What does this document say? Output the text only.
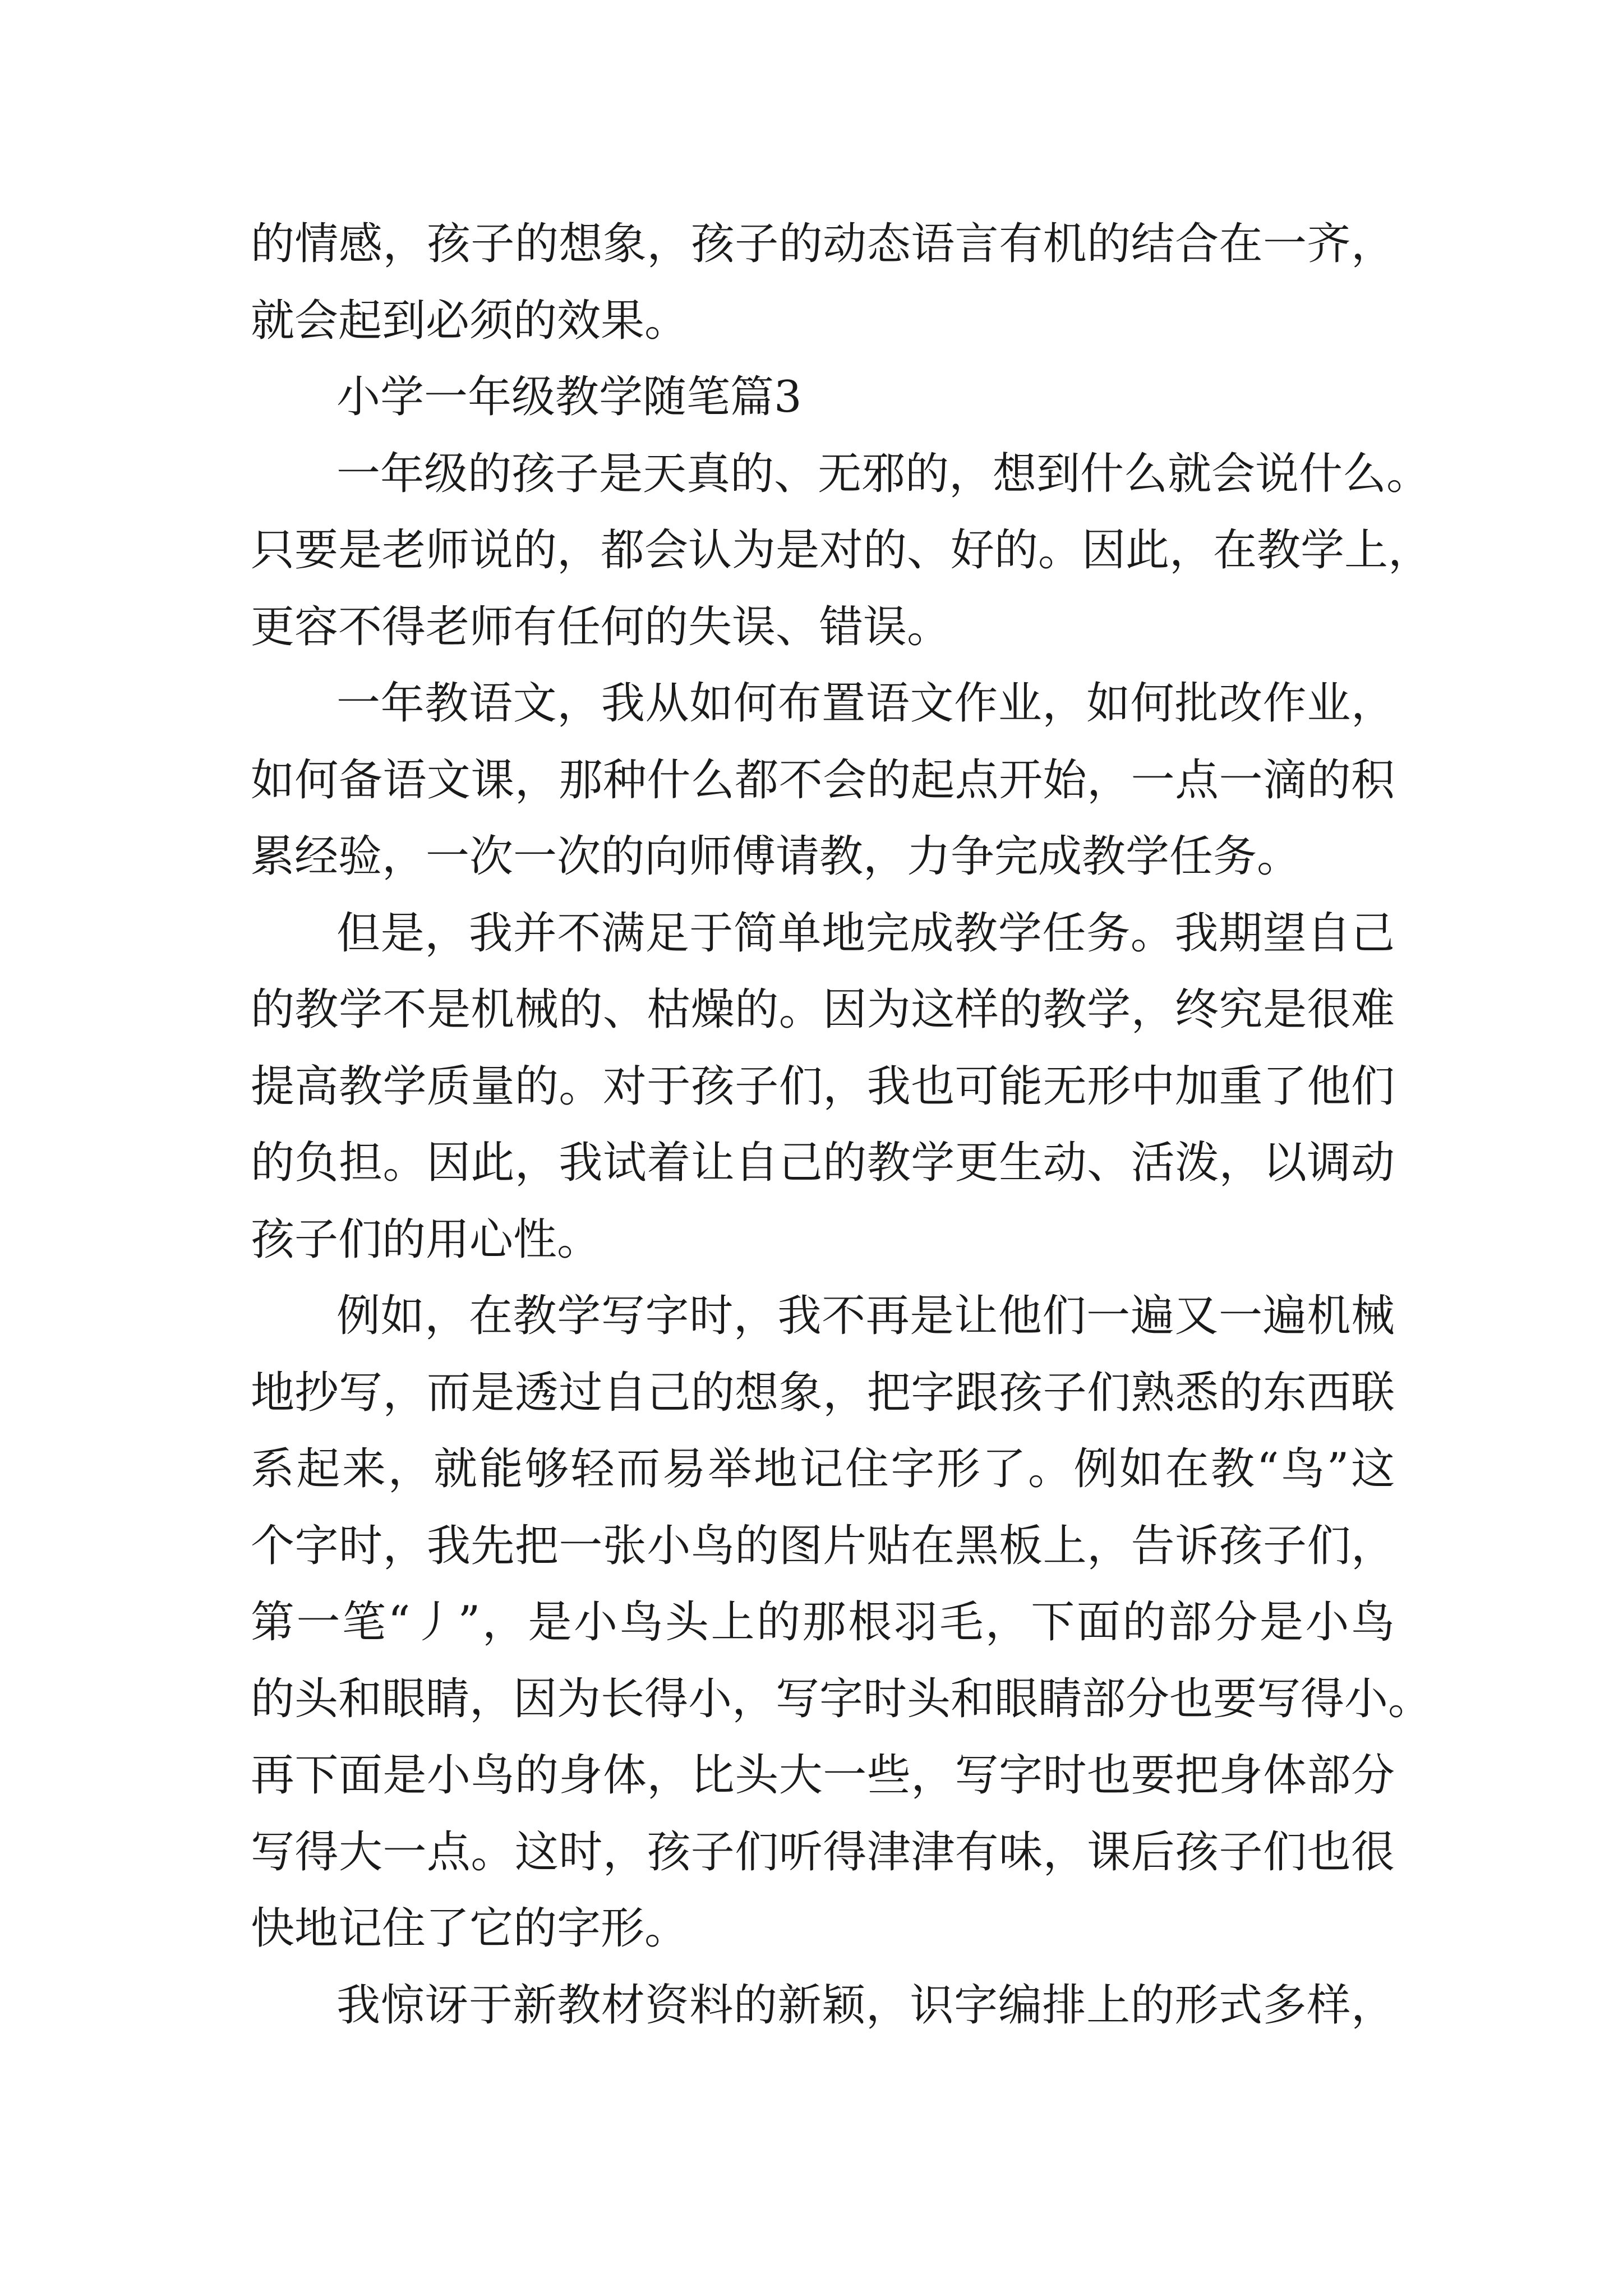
的情感，孩子的想象，孩子的动态语言有机的结合在一齐，
就会起到必须的效果。
小学一年级教学随笔篇3
一年级的孩子是天真的、无邪的，想到什么就会说什么。
只要是老师说的，都会认为是对的、好的。因此，在教学上，
更容不得老师有任何的失误、错误。
一年教语文，我从如何布置语文作业，如何批改作业，
如何备语文课，那种什么都不会的起点开始，一点一滴的积
累经验，一次一次的向师傅请教，力争完成教学任务。
但是，我并不满足于简单地完成教学任务。我期望自己
的教学不是机械的、枯燥的。因为这样的教学，终究是很难
提高教学质量的。对于孩子们，我也可能无形中加重了他们
的负担。因此，我试着让自己的教学更生动、活泼，以调动
孩子们的用心性。
例如，在教学写字时，我不再是让他们一遍又一遍机械
地抄写，而是透过自己的想象，把字跟孩子们熟悉的东西联
系起来，就能够轻而易举地记住字形了。例如在教“鸟”这
个字时，我先把一张小鸟的图片贴在黑板上，告诉孩子们，
第一笔“丿”，是小鸟头上的那根羽毛，下面的部分是小鸟
的头和眼睛，因为长得小，写字时头和眼睛部分也要写得小。
再下面是小鸟的身体，比头大一些，写字时也要把身体部分
写得大一点。这时，孩子们听得津津有味，课后孩子们也很
快地记住了它的字形。
我惊讶于新教材资料的新颖，识字编排上的形式多样，
